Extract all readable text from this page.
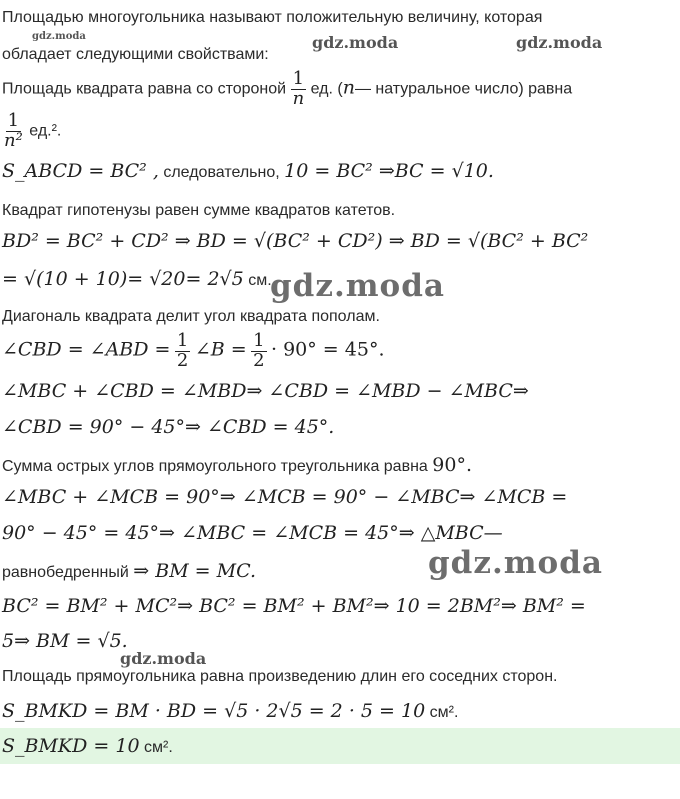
gdz.moda	gdz.moda	gdz.moda
gdz.moda
gdz.moda
gdz.moda
Площадью многоугольника называют положительную величину, которая
обладает следующими свойствами:
Площадь квадрата равна со стороной $\frac{1}{n}$ ед. (n— натуральное число) равна
$\frac{1}{\text{n²}} ед.^2$.
S_ABCD = BC² , следовательно, 10 = BC² ⇒BC = √10.
Квадрат гипотенузы равен сумме квадратов катетов.
BD² = BC² + CD² ⇒ BD = √(BC² + CD²) ⇒ BD = √(BC² + BC²
= √(10 + 10)= √20= 2√5 см.
Диагональ квадрата делит угол квадрата пополам.
∠CBD = ∠ABD = $\frac{1}{2}$ ∠B = $\frac{1}{2} \cdot 90^\circ = 45^\circ$.
∠MBC + ∠CBD = ∠MBD⇒ ∠CBD = ∠MBD − ∠MBC⇒
∠CBD = 90° − 45°⇒ ∠CBD = 45°.
Сумма острых углов прямоугольного треугольника равна 90°.
∠MBC + ∠MCB = 90°⇒ ∠MCB = 90° − ∠MBC⇒ ∠MCB =
90° − 45° = 45°⇒ ∠MBC = ∠MCB = 45°⇒ △MBC—
равнобедренный ⇒ BM = MC.
BC² = BM² + MC²⇒ BC² = BM² + BM²⇒ 10 = 2BM²⇒ BM² =
5⇒ BM = √5.
Площадь прямоугольника равна произведению длин его соседних сторон.
S_BMKD = BM · BD = √5 · 2√5 = 2 · 5 = 10 см².
S_BMKD = 10 см².
